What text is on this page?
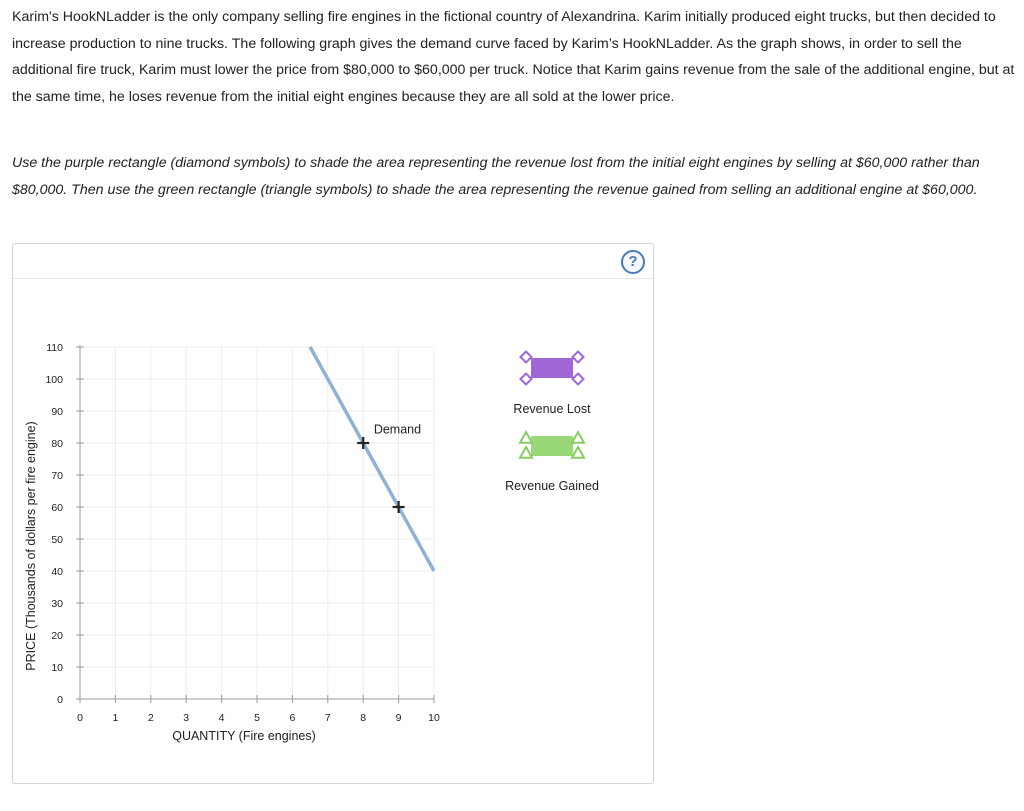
Karim's HookNLadder is the only company selling fire engines in the fictional country of Alexandrina. Karim initially produced eight trucks, but then decided to increase production to nine trucks. The following graph gives the demand curve faced by Karim’s HookNLadder. As the graph shows, in order to sell the additional fire truck, Karim must lower the price from $80,000 to $60,000 per truck. Notice that Karim gains revenue from the sale of the additional engine, but at the same time, he loses revenue from the initial eight engines because they are all sold at the lower price.

Use the purple rectangle (diamond symbols) to shade the area representing the revenue lost from the initial eight engines by selling at $60,000 rather than $80,000. Then use the green rectangle (triangle symbols) to shade the area representing the revenue gained from selling an additional engine at $60,000.

?
0	1	2	3	4	5	6	7	8	9	10
0
10
20
30
40
50
60
70
80
90
100
110
Demand
Revenue Lost
Revenue Gained
PRICE (Thousands of dollars per fire engine)
QUANTITY (Fire engines)
